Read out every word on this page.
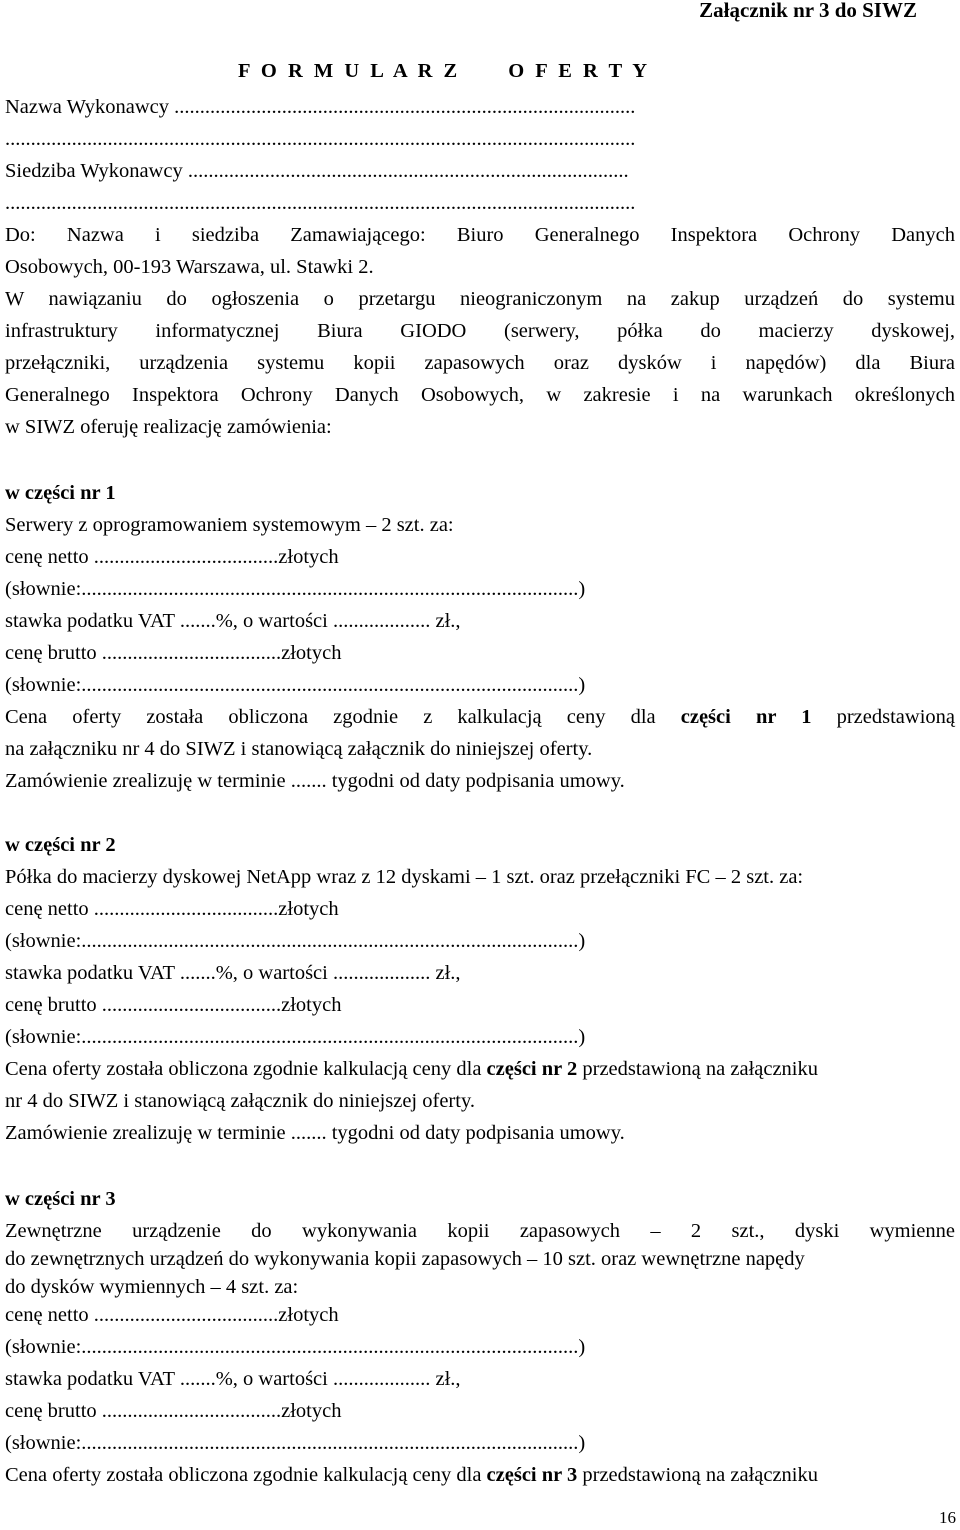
Załącznik nr 3 do SIWZ
F O R M U L A R Z O F E R T Y
Nazwa Wykonawcy ..........................................................................................
...........................................................................................................................
Siedziba Wykonawcy ......................................................................................
...........................................................................................................................
Do: Nazwa i siedziba Zamawiającego: Biuro Generalnego Inspektora Ochrony Danych
Osobowych, 00-193 Warszawa, ul. Stawki 2.
W nawiązaniu do ogłoszenia o przetargu nieograniczonym na zakup urządzeń do systemu
infrastruktury informatycznej Biura GIODO (serwery, półka do macierzy dyskowej,
przełączniki, urządzenia systemu kopii zapasowych oraz dysków i napędów) dla Biura
Generalnego Inspektora Ochrony Danych Osobowych, w zakresie i na warunkach określonych
w SIWZ oferuję realizację zamówienia:
w części nr 1
Serwery z oprogramowaniem systemowym – 2 szt. za:
cenę netto ....................................złotych
(słownie:.................................................................................................)
stawka podatku VAT .......%, o wartości ................... zł.,
cenę brutto ...................................złotych
(słownie:.................................................................................................)
Cena oferty została obliczona zgodnie z kalkulacją ceny dla części nr 1 przedstawioną
na załączniku nr 4 do SIWZ i stanowiącą załącznik do niniejszej oferty.
Zamówienie zrealizuję w terminie ....... tygodni od daty podpisania umowy.
w części nr 2
Półka do macierzy dyskowej NetApp wraz z 12 dyskami – 1 szt. oraz przełączniki FC – 2 szt. za:
cenę netto ....................................złotych
(słownie:.................................................................................................)
stawka podatku VAT .......%, o wartości ................... zł.,
cenę brutto ...................................złotych
(słownie:.................................................................................................)
Cena oferty została obliczona zgodnie kalkulacją ceny dla części nr 2 przedstawioną na załączniku
nr 4 do SIWZ i stanowiącą załącznik do niniejszej oferty.
Zamówienie zrealizuję w terminie ....... tygodni od daty podpisania umowy.
w części nr 3
Zewnętrzne urządzenie do wykonywania kopii zapasowych – 2 szt., dyski wymienne
do zewnętrznych urządzeń do wykonywania kopii zapasowych – 10 szt. oraz wewnętrzne napędy
do dysków wymiennych – 4 szt. za:
cenę netto ....................................złotych
(słownie:.................................................................................................)
stawka podatku VAT .......%, o wartości ................... zł.,
cenę brutto ...................................złotych
(słownie:.................................................................................................)
Cena oferty została obliczona zgodnie kalkulacją ceny dla części nr 3 przedstawioną na załączniku
16
